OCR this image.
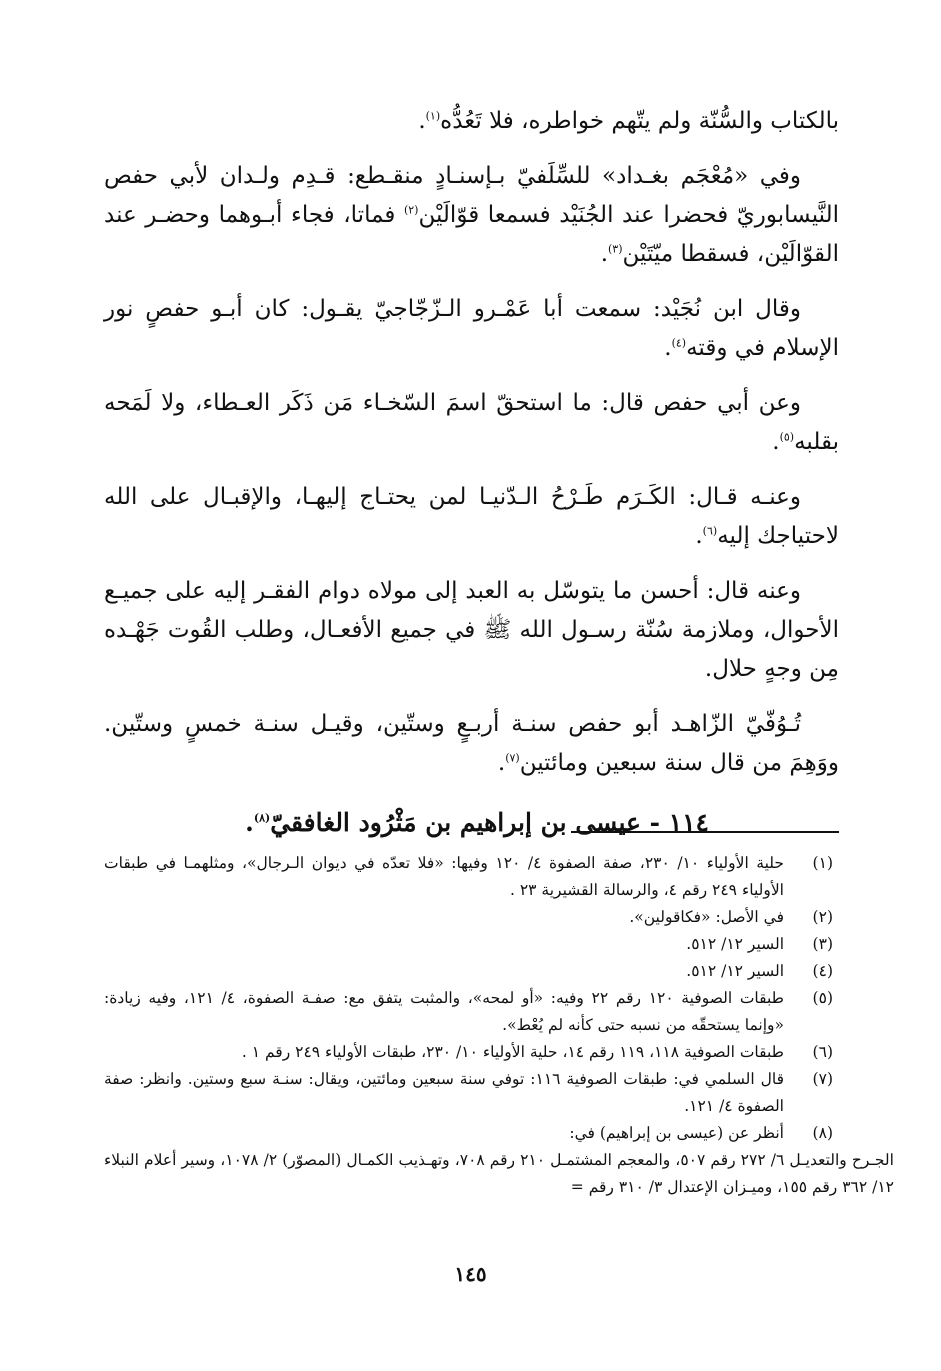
بالكتاب والسُّنّة ولم يتّهم خواطره، فلا تَعُدُّه$^{(١)}$.

وفي «مُعْجَم بغـداد» للسِّلَفيّ بـإسنـادٍ منقـطع: قـدِم ولـدان لأبي حفص النَّيسابوريّ فحضرا عند الجُنَيْد فسمعا قوّالَيْن$^{(٢)}$ فماتا، فجاء أبـوهما وحضـر عند القوّالَيْن، فسقطا ميّتَيْن$^{(٣)}$.

وقال ابن نُجَيْد: سمعت أبا عَمْـرو الـزّجّاجيّ يقـول: كان أبـو حفصٍ نور الإسلام في وقته$^{(٤)}$.

وعن أبي حفص قال: ما استحقّ اسمَ السّخـاء مَن ذَكَر العـطاء، ولا لَمَحه بقلبه$^{(٥)}$.

وعنـه قـال: الكَـرَم طَـرْحُ الـدّنيـا لمن يحتـاج إليهـا، والإقبـال على الله لاحتياجك إليه$^{(٦)}$.

وعنه قال: أحسن ما يتوسّل به العبد إلى مولاه دوام الفقـر إليه على جميـع الأحوال، وملازمة سُنّة رسـول الله ﷺ في جميع الأفعـال، وطلب القُوت جَهْـده مِن وجهٍ حلال.

تُـوُفّيّ الزّاهـد أبو حفص سنـة أربـعٍ وستّين، وقيـل سنـة خمسٍ وستّين. ووَهِمَ من قال سنة سبعين ومائتين$^{(٧)}$.

١١٤ - عيسى بن إبراهيم بن مَثْرُود الغافقيّ$^{(٨)}$.

(١)
حلية الأولياء ١٠/ ٢٣٠، صفة الصفوة ٤/ ١٢٠ وفيها: «فلا تعدّه في ديوان الـرجال»، ومثلهمـا في طبقات الأولياء ٢٤٩ رقم ٤، والرسالة القشيرية ٢٣ .
(٢)
في الأصل: «فكاقولين».
(٣)
السير ١٢/ ٥١٢.
(٤)
السير ١٢/ ٥١٢.
(٥)
طبقات الصوفية ١٢٠ رقم ٢٢ وفيه: «أو لمحه»، والمثبت يتفق مع: صفـة الصفوة، ٤/ ١٢١، وفيه زيادة: «وإنما يستحقّه من نسبه حتى كأنه لم يُعْط».
(٦)
طبقات الصوفية ١١٨، ١١٩ رقم ١٤، حلية الأولياء ١٠/ ٢٣٠، طبقات الأولياء ٢٤٩ رقم ١ .
(٧)
قال السلمي في: طبقات الصوفية ١١٦: توفي سنة سبعين ومائتين، ويقال: سنـة سبع وستين. وانظر: صفة الصفوة ٤/ ١٢١.
(٨)
أنظر عن (عيسى بن إبراهيم) في:
الجـرح والتعديـل ٦/ ٢٧٢ رقم ٥٠٧، والمعجم المشتمـل ٢١٠ رقم ٧٠٨، وتهـذيب الكمـال (المصوّر) ٢/ ١٠٧٨، وسير أعلام النبلاء ١٢/ ٣٦٢ رقم ١٥٥، وميـزان الإعتدال ٣/ ٣١٠ رقم =
١٤٥
